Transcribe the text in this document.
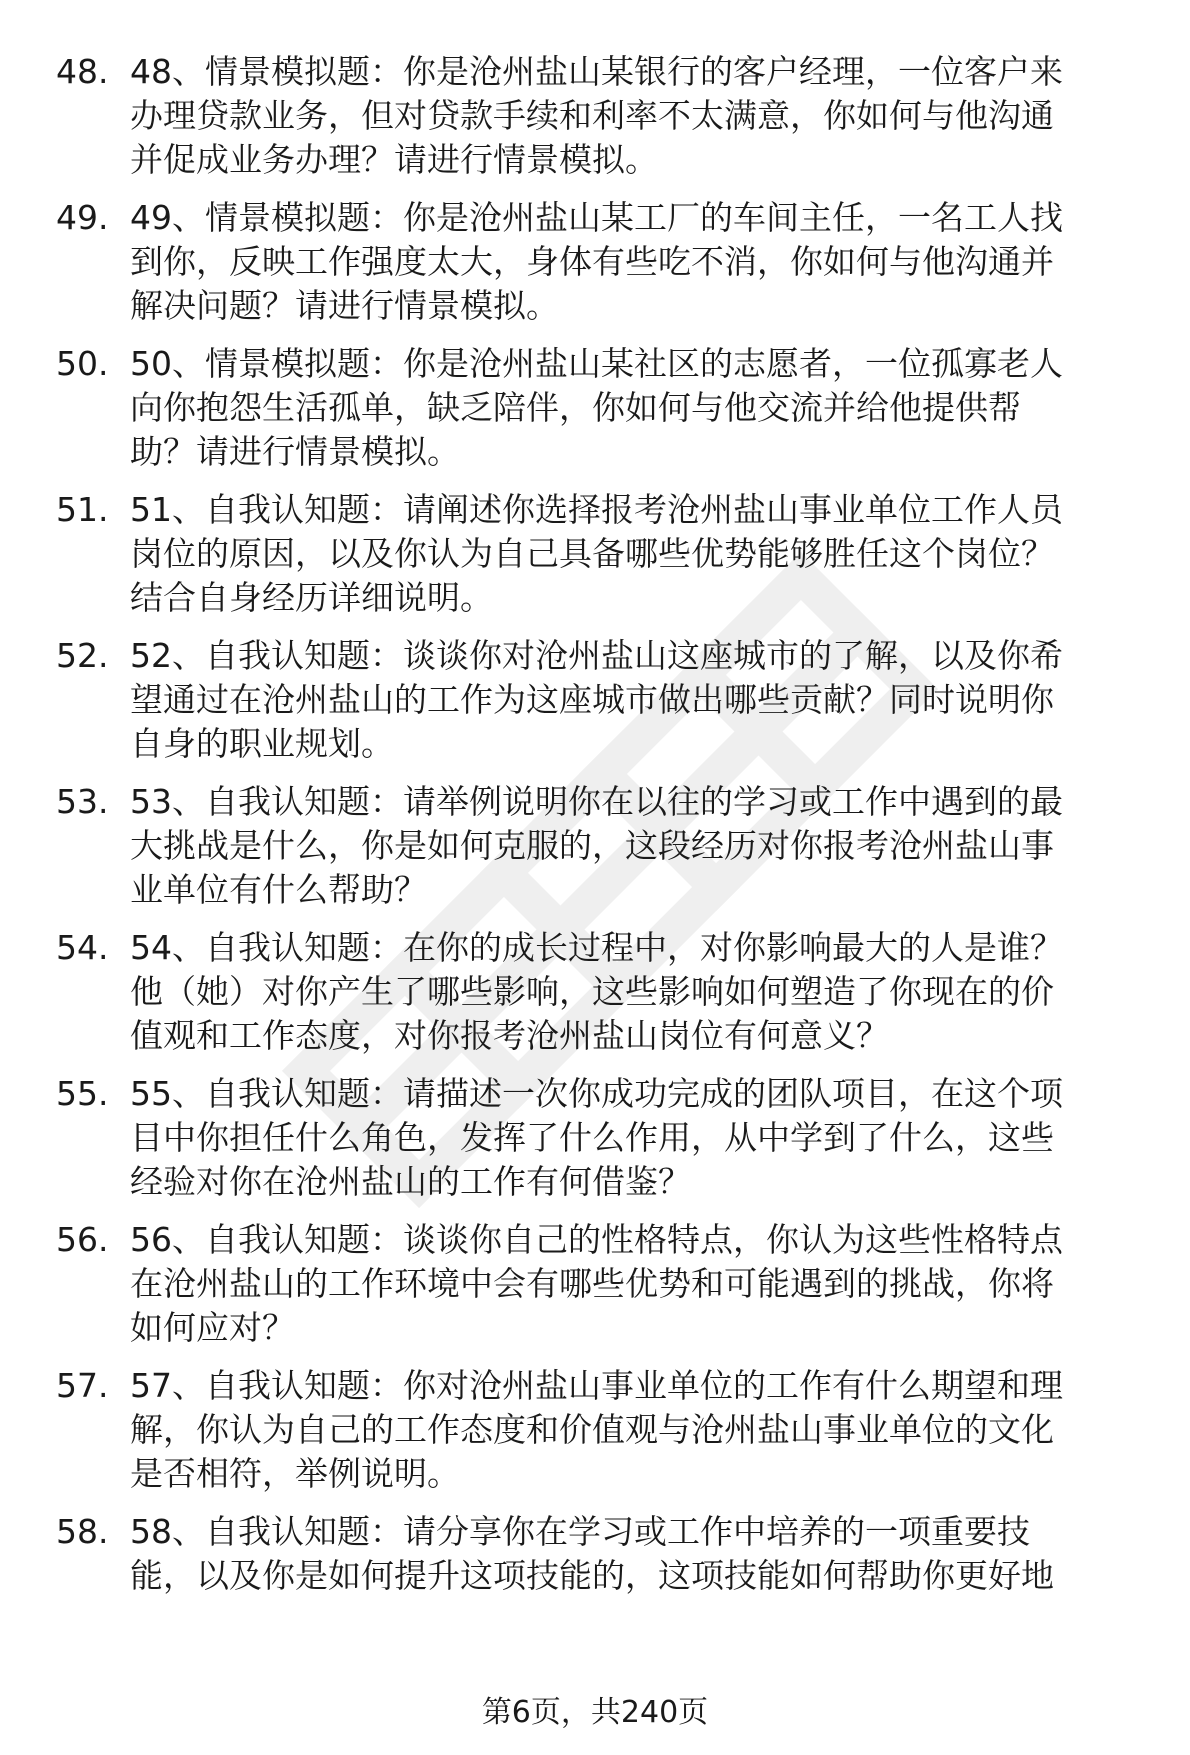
48. 48、情景模拟题：你是沧州盐山某银行的客户经理，一位客户来
办理贷款业务，但对贷款手续和利率不太满意，你如何与他沟通
并促成业务办理？请进行情景模拟。
49. 49、情景模拟题：你是沧州盐山某工厂的车间主任，一名工人找
到你，反映工作强度太大，身体有些吃不消，你如何与他沟通并
解决问题？请进行情景模拟。
50. 50、情景模拟题：你是沧州盐山某社区的志愿者，一位孤寡老人
向你抱怨生活孤单，缺乏陪伴，你如何与他交流并给他提供帮
助？请进行情景模拟。
51. 51、自我认知题：请阐述你选择报考沧州盐山事业单位工作人员
岗位的原因，以及你认为自己具备哪些优势能够胜任这个岗位？
结合自身经历详细说明。
52. 52、自我认知题：谈谈你对沧州盐山这座城市的了解，以及你希
望通过在沧州盐山的工作为这座城市做出哪些贡献？同时说明你
自身的职业规划。
53. 53、自我认知题：请举例说明你在以往的学习或工作中遇到的最
大挑战是什么，你是如何克服的，这段经历对你报考沧州盐山事
业单位有什么帮助？
54. 54、自我认知题：在你的成长过程中，对你影响最大的人是谁？
他（她）对你产生了哪些影响，这些影响如何塑造了你现在的价
值观和工作态度，对你报考沧州盐山岗位有何意义？
55. 55、自我认知题：请描述一次你成功完成的团队项目，在这个项
目中你担任什么角色，发挥了什么作用，从中学到了什么，这些
经验对你在沧州盐山的工作有何借鉴？
56. 56、自我认知题：谈谈你自己的性格特点，你认为这些性格特点
在沧州盐山的工作环境中会有哪些优势和可能遇到的挑战，你将
如何应对？
57. 57、自我认知题：你对沧州盐山事业单位的工作有什么期望和理
解，你认为自己的工作态度和价值观与沧州盐山事业单位的文化
是否相符，举例说明。
58. 58、自我认知题：请分享你在学习或工作中培养的一项重要技
能，以及你是如何提升这项技能的，这项技能如何帮助你更好地
第6页，共240页
